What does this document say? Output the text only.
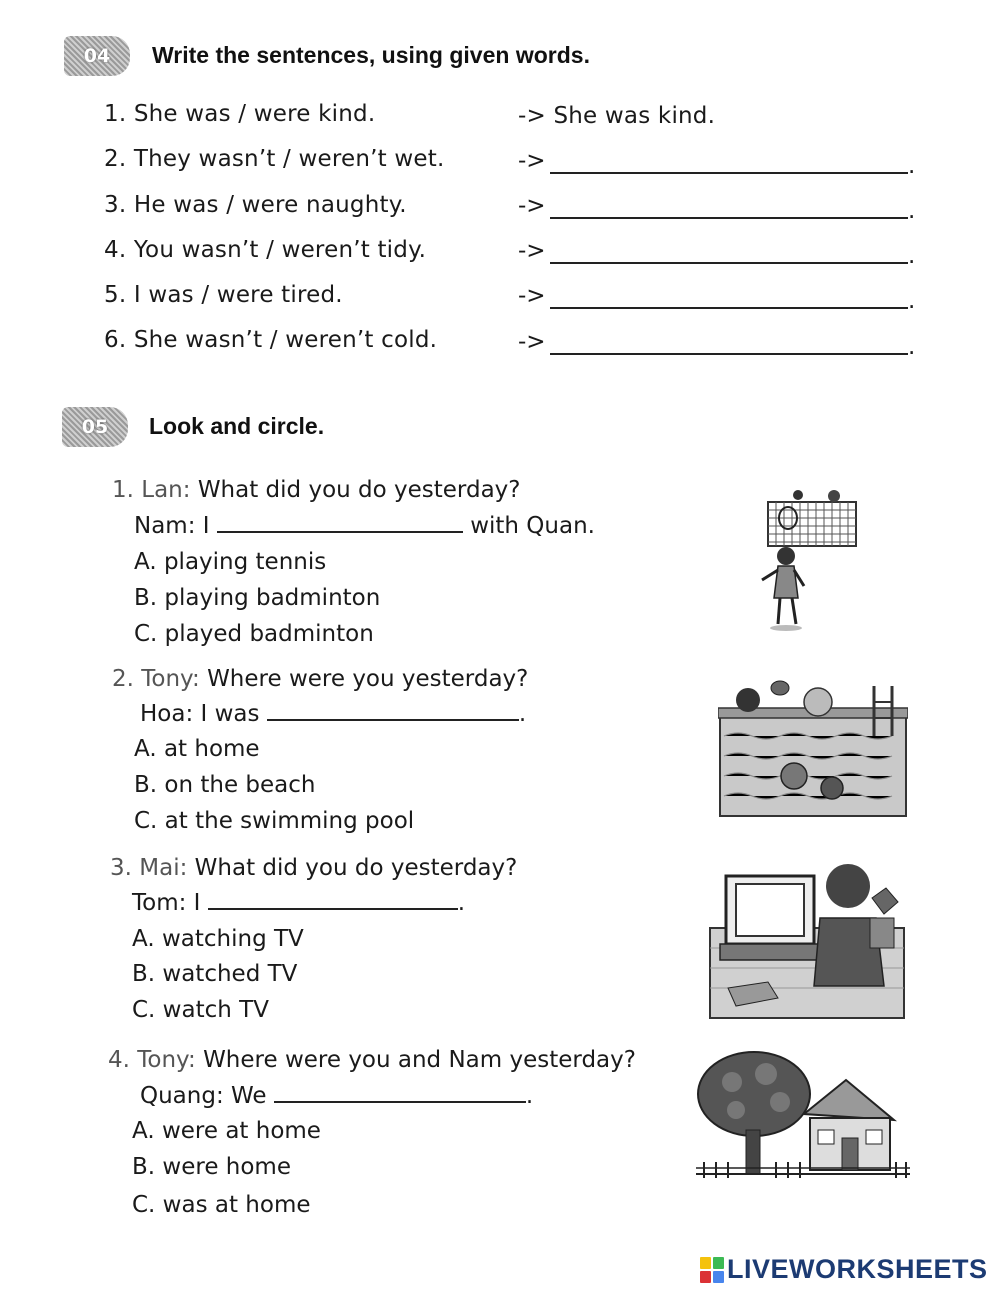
04 Write the sentences, using given words.
1. She was / were kind.	-> She was kind.
2. They wasn’t / weren’t wet.	->	.
3. He was / were naughty.	->	.
4. You wasn’t / weren’t tidy.	->	.
5. I was / were tired.	->	.
6. She wasn’t / weren’t cold.	->	.
05 Look and circle.
1. Lan: What did you do yesterday?
Nam: I	with Quan.
A. playing tennis
B. playing badminton
C. played badminton
2. Tony: Where were you yesterday?
Hoa: I was	.
A. at home
B. on the beach
C. at the swimming pool
3. Mai: What did you do yesterday?
Tom: I	.
A. watching TV
B. watched TV
C. watch TV
4. Tony: Where were you and Nam yesterday?
Quang: We	.
A. were at home
B. were home
C. was at home
LIVEWORKSHEETS
